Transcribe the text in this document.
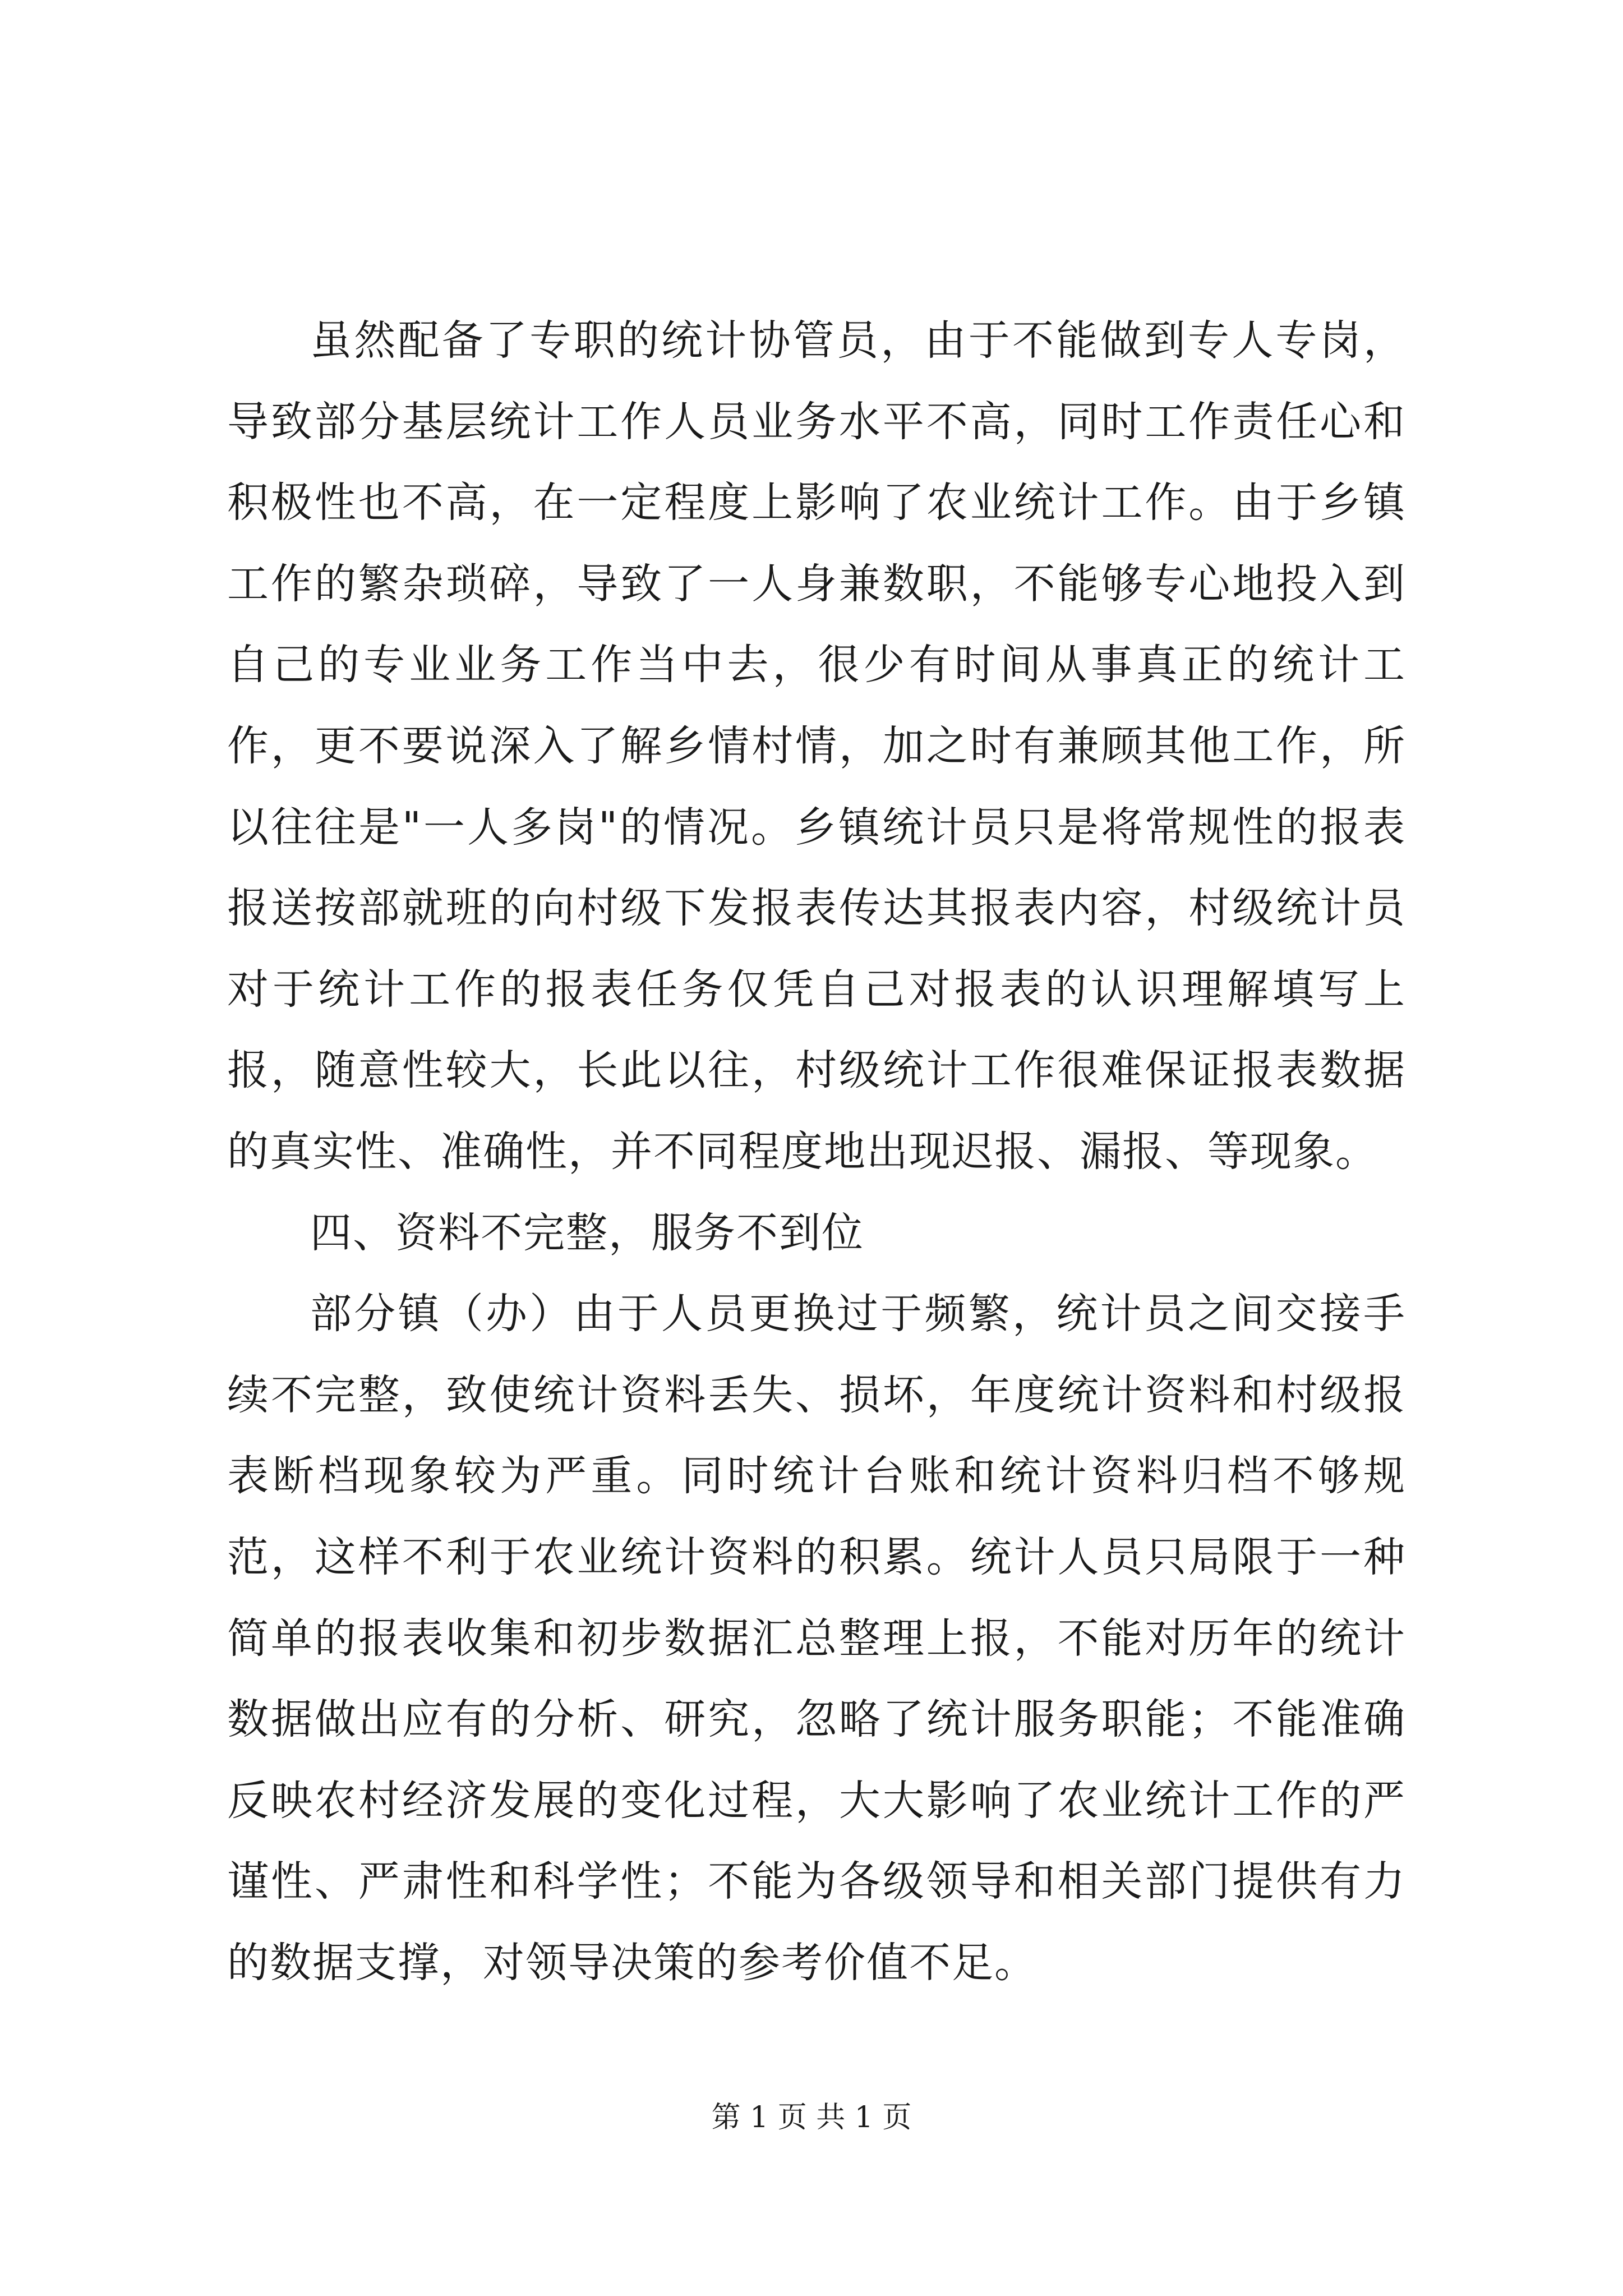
虽然配备了专职的统计协管员，由于不能做到专人专岗，导致部分基层统计工作人员业务水平不高，同时工作责任心和积极性也不高，在一定程度上影响了农业统计工作。由于乡镇工作的繁杂琐碎，导致了一人身兼数职，不能够专心地投入到自己的专业业务工作当中去，很少有时间从事真正的统计工作，更不要说深入了解乡情村情，加之时有兼顾其他工作，所以往往是"一人多岗"的情况。乡镇统计员只是将常规性的报表报送按部就班的向村级下发报表传达其报表内容，村级统计员对于统计工作的报表任务仅凭自己对报表的认识理解填写上报，随意性较大，长此以往，村级统计工作很难保证报表数据的真实性、准确性，并不同程度地出现迟报、漏报、等现象。

四、资料不完整，服务不到位

部分镇（办）由于人员更换过于频繁，统计员之间交接手续不完整，致使统计资料丢失、损坏，年度统计资料和村级报表断档现象较为严重。同时统计台账和统计资料归档不够规范，这样不利于农业统计资料的积累。统计人员只局限于一种简单的报表收集和初步数据汇总整理上报，不能对历年的统计数据做出应有的分析、研究，忽略了统计服务职能；不能准确反映农村经济发展的变化过程，大大影响了农业统计工作的严谨性、严肃性和科学性；不能为各级领导和相关部门提供有力的数据支撑，对领导决策的参考价值不足。

第 1 页 共 1 页
